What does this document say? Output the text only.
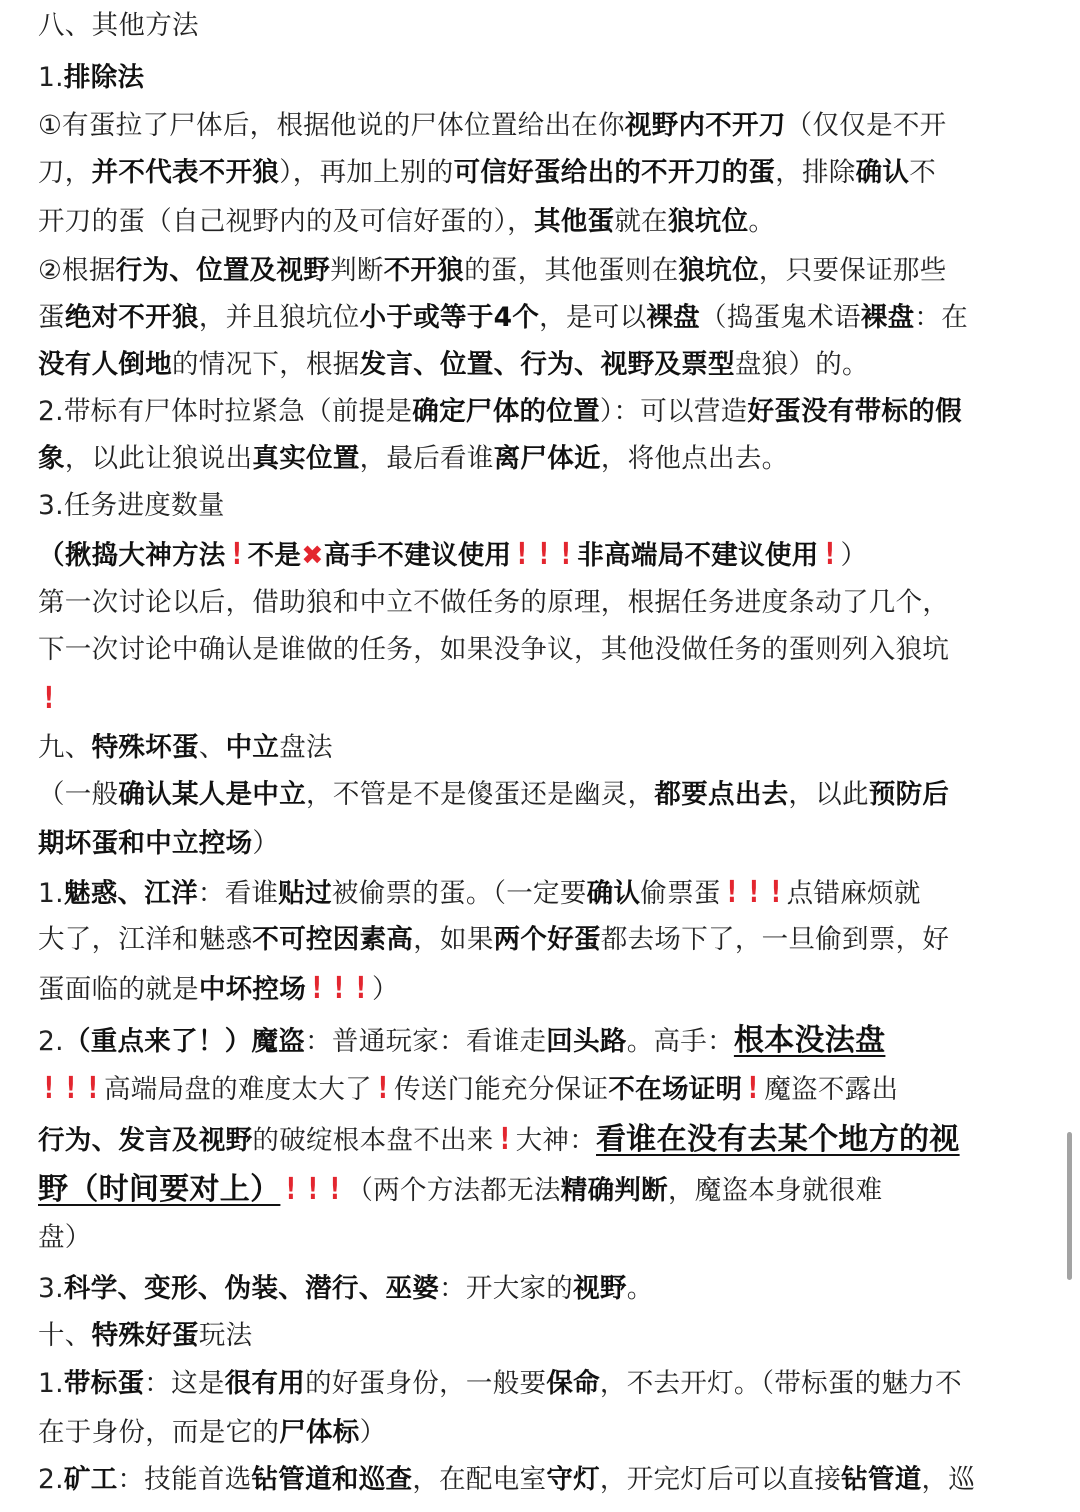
八、其他方法
1.排除法
①有蛋拉了尸体后，根据他说的尸体位置给出在你视野内不开刀（仅仅是不开
刀，并不代表不开狼），再加上别的可信好蛋给出的不开刀的蛋，排除确认不
开刀的蛋（自己视野内的及可信好蛋的），其他蛋就在狼坑位。
②根据行为、位置及视野判断不开狼的蛋，其他蛋则在狼坑位，只要保证那些
蛋绝对不开狼，并且狼坑位小于或等于4个，是可以裸盘（捣蛋鬼术语裸盘：在
没有人倒地的情况下，根据发言、位置、行为、视野及票型盘狼）的。
2.带标有尸体时拉紧急（前提是确定尸体的位置）：可以营造好蛋没有带标的假
象，以此让狼说出真实位置，最后看谁离尸体近，将他点出去。
3.任务进度数量
（揪捣大神方法 ! 不是✖高手不建议使用 ! ! ! 非高端局不建议使用 ! ）
第一次讨论以后，借助狼和中立不做任务的原理，根据任务进度条动了几个，
下一次讨论中确认是谁做的任务，如果没争议，其他没做任务的蛋则列入狼坑
!
九、特殊坏蛋、中立盘法
（一般确认某人是中立，不管是不是傻蛋还是幽灵，都要点出去，以此预防后
期坏蛋和中立控场）
1.魅惑、江洋：看谁贴过被偷票的蛋。（一定要确认偷票蛋 ! ! ! 点错麻烦就
大了，江洋和魅惑不可控因素高，如果两个好蛋都去场下了，一旦偷到票，好
蛋面临的就是中坏控场 ! ! ! ）
2.（重点来了！）魔盗：普通玩家：看谁走回头路。高手：根本没法盘
! ! ! 高端局盘的难度太大了 ! 传送门能充分保证不在场证明 ! 魔盗不露出
行为、发言及视野的破绽根本盘不出来 ! 大神：看谁在没有去某个地方的视
野（时间要对上） ! ! ! （两个方法都无法精确判断，魔盗本身就很难
盘）
3.科学、变形、伪装、潜行、巫婆：开大家的视野。
十、特殊好蛋玩法
1.带标蛋：这是很有用的好蛋身份，一般要保命，不去开灯。（带标蛋的魅力不
在于身份，而是它的尸体标）
2.矿工：技能首选钻管道和巡查，在配电室守灯，开完灯后可以直接钻管道，巡
